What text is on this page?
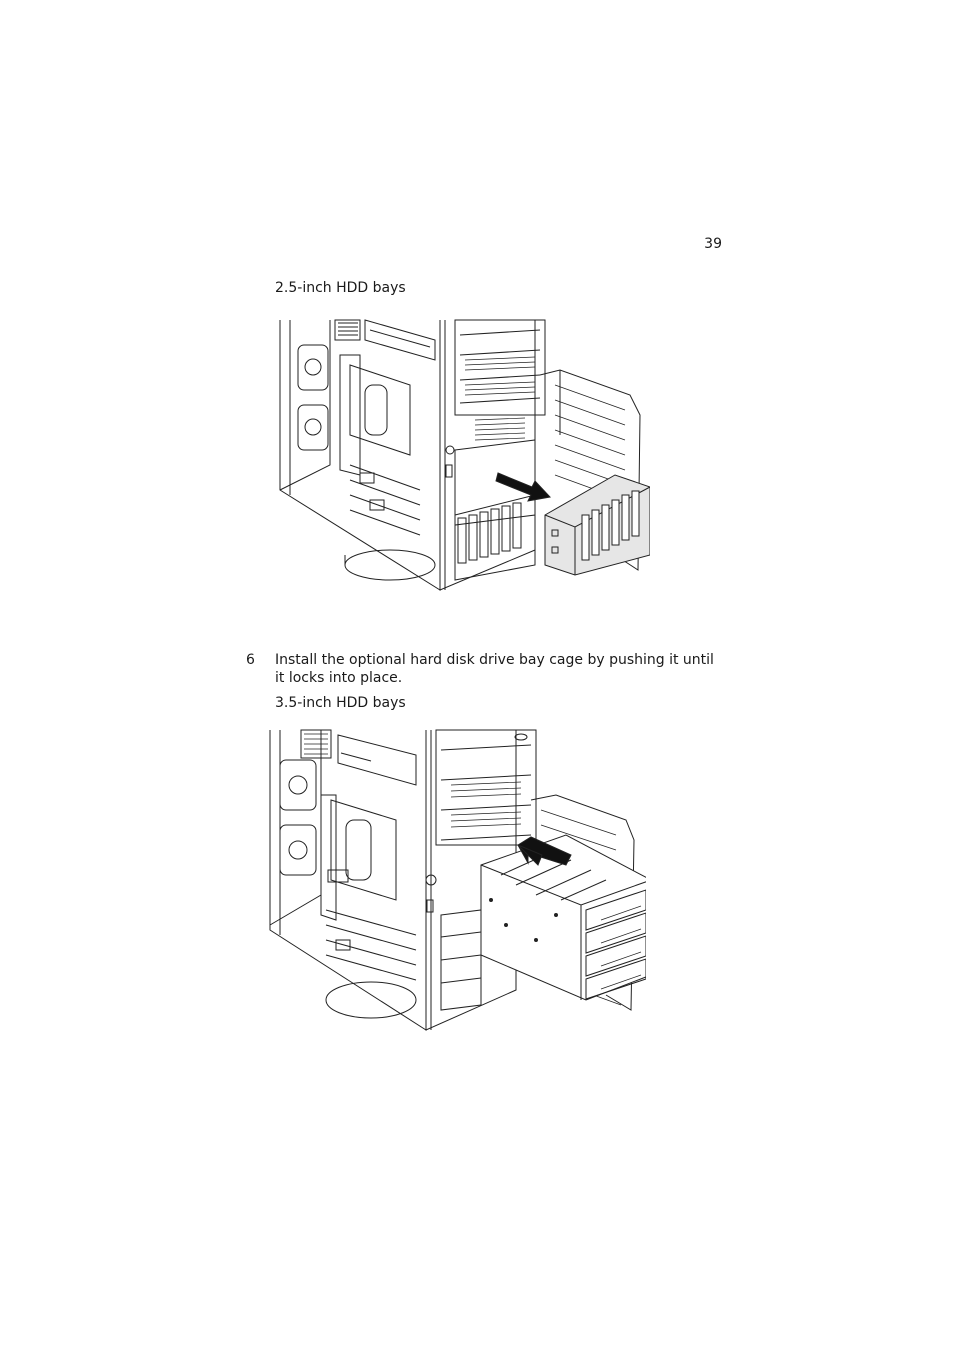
39
2.5-inch HDD bays
6 Install the optional hard disk drive bay cage by pushing it until it locks into place.
3.5-inch HDD bays
